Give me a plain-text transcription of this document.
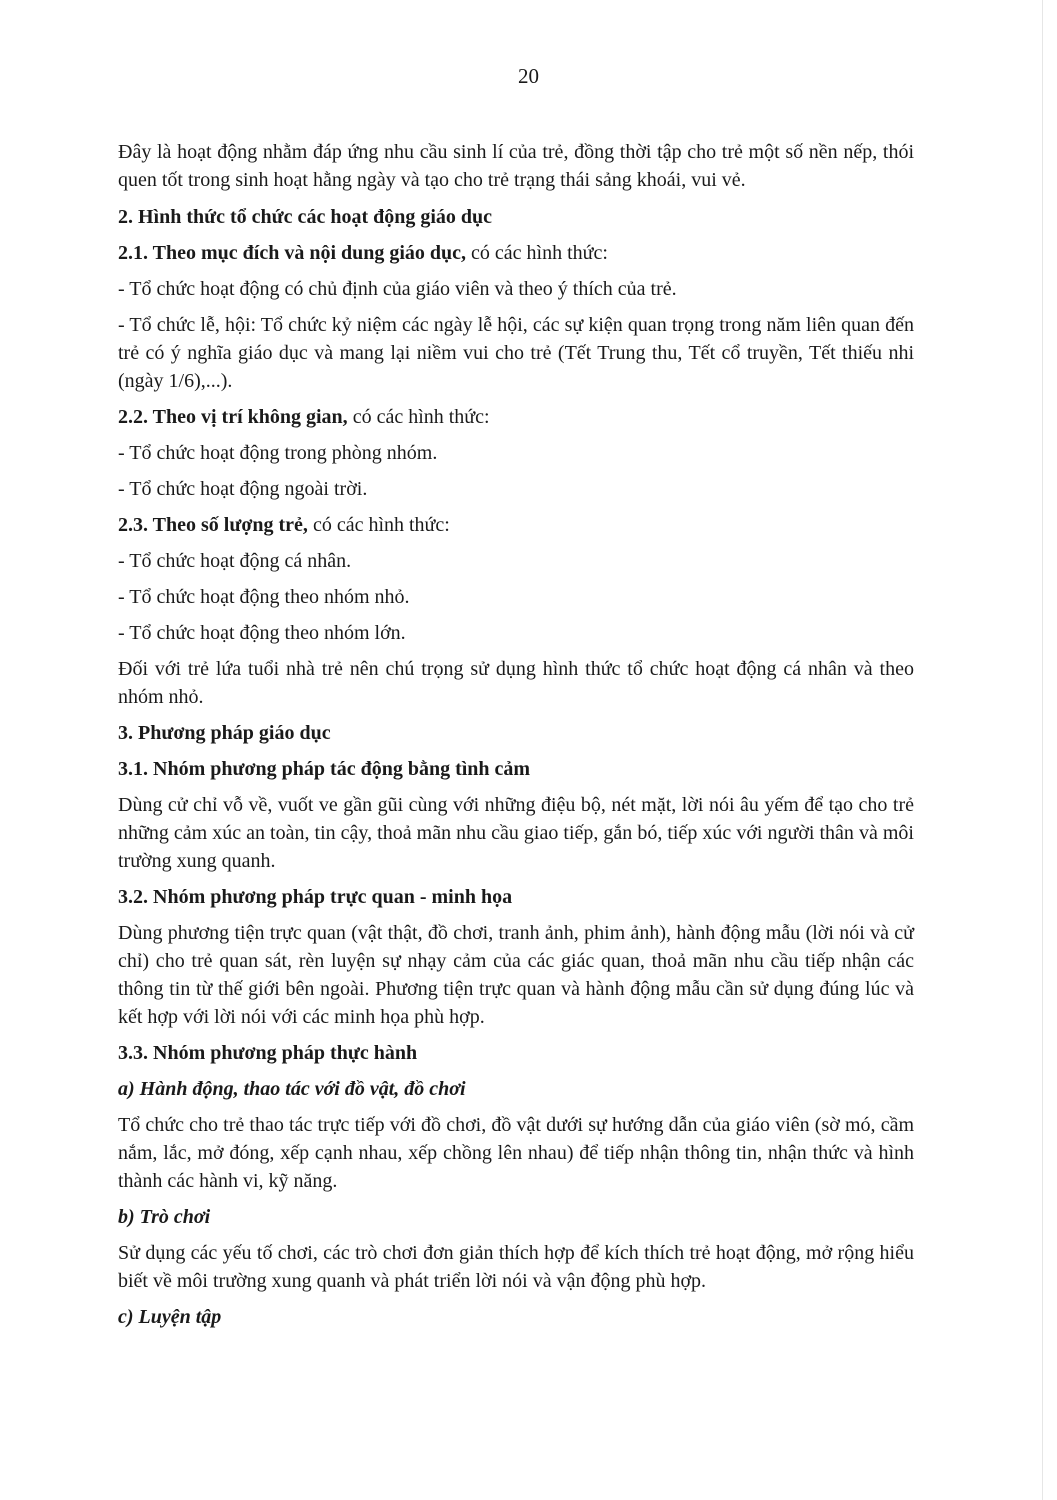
20

Đây là hoạt động nhằm đáp ứng nhu cầu sinh lí của trẻ, đồng thời tập cho trẻ một số nền nếp, thói quen tốt trong sinh hoạt hằng ngày và tạo cho trẻ trạng thái sảng khoái, vui vẻ.

2. Hình thức tổ chức các hoạt động giáo dục

2.1. Theo mục đích và nội dung giáo dục, có các hình thức:

- Tổ chức hoạt động có chủ định của giáo viên và theo ý thích của trẻ.

- Tổ chức lễ, hội: Tổ chức kỷ niệm các ngày lễ hội, các sự kiện quan trọng trong năm liên quan đến trẻ có ý nghĩa giáo dục và mang lại niềm vui cho trẻ (Tết Trung thu, Tết cổ truyền, Tết thiếu nhi (ngày 1/6),...).

2.2. Theo vị trí không gian, có các hình thức:

- Tổ chức hoạt động trong phòng nhóm.

- Tổ chức hoạt động ngoài trời.

2.3. Theo số lượng trẻ, có các hình thức:

- Tổ chức hoạt động cá nhân.

- Tổ chức hoạt động theo nhóm nhỏ.

- Tổ chức hoạt động theo nhóm lớn.

Đối với trẻ lứa tuổi nhà trẻ nên chú trọng sử dụng hình thức tổ chức hoạt động cá nhân và theo nhóm nhỏ.

3. Phương pháp giáo dục

3.1. Nhóm phương pháp tác động bằng tình cảm

Dùng cử chỉ vỗ về, vuốt ve gần gũi cùng với những điệu bộ, nét mặt, lời nói âu yếm để tạo cho trẻ những cảm xúc an toàn, tin cậy, thoả mãn nhu cầu giao tiếp, gắn bó, tiếp xúc với người thân và môi trường xung quanh.

3.2. Nhóm phương pháp trực quan - minh họa

Dùng phương tiện trực quan (vật thật, đồ chơi, tranh ảnh, phim ảnh), hành động mẫu (lời nói và cử chỉ) cho trẻ quan sát, rèn luyện sự nhạy cảm của các giác quan, thoả mãn nhu cầu tiếp nhận các thông tin từ thế giới bên ngoài. Phương tiện trực quan và hành động mẫu cần sử dụng đúng lúc và kết hợp với lời nói với các minh họa phù hợp.

3.3. Nhóm phương pháp thực hành

a) Hành động, thao tác với đồ vật, đồ chơi

Tổ chức cho trẻ thao tác trực tiếp với đồ chơi, đồ vật dưới sự hướng dẫn của giáo viên (sờ mó, cầm nắm, lắc, mở đóng, xếp cạnh nhau, xếp chồng lên nhau) để tiếp nhận thông tin, nhận thức và hình thành các hành vi, kỹ năng.

b) Trò chơi

Sử dụng các yếu tố chơi, các trò chơi đơn giản thích hợp để kích thích trẻ hoạt động, mở rộng hiểu biết về môi trường xung quanh và phát triển lời nói và vận động phù hợp.

c) Luyện tập
